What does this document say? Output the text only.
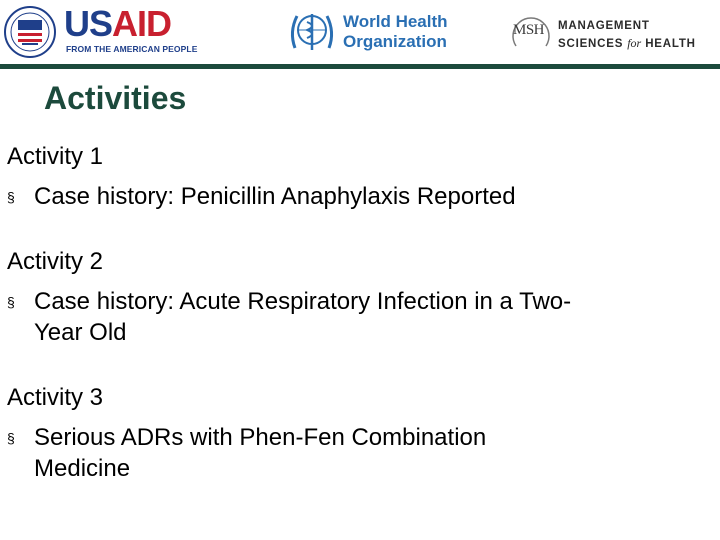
USAID
FROM THE AMERICAN PEOPLE
World Health
Organization
MSH MANAGEMENT
SCIENCES for HEALTH
Activities
Activity 1
§ Case history: Penicillin Anaphylaxis Reported
Activity 2
§ Case history: Acute Respiratory Infection in a Two-
Year Old
Activity 3
§ Serious ADRs with Phen-Fen Combination
Medicine
